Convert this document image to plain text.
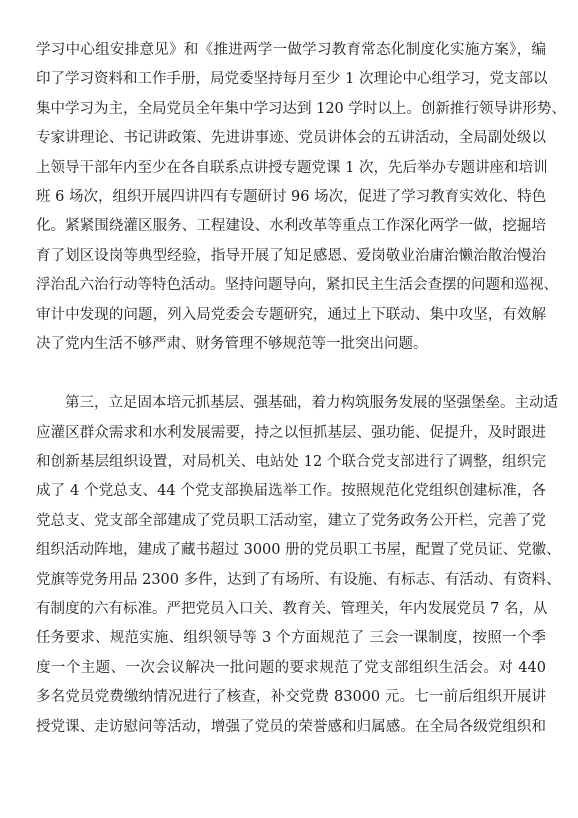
学习中心组安排意见》和《推进两学一做学习教育常态化制度化实施方案》，编
印了学习资料和工作手册，局党委坚持每月至少 1 次理论中心组学习，党支部以
集中学习为主，全局党员全年集中学习达到 120 学时以上。创新推行领导讲形势、
专家讲理论、书记讲政策、先进讲事迹、党员讲体会的五讲活动，全局副处级以
上领导干部年内至少在各自联系点讲授专题党课 1 次，先后举办专题讲座和培训
班 6 场次，组织开展四讲四有专题研讨 96 场次，促进了学习教育实效化、特色
化。紧紧围绕灌区服务、工程建设、水利改革等重点工作深化两学一做，挖掘培
育了划区设岗等典型经验，指导开展了知足感恩、爱岗敬业治庸治懒治散治慢治
浮治乱六治行动等特色活动。坚持问题导向，紧扣民主生活会查摆的问题和巡视、
审计中发现的问题，列入局党委会专题研究，通过上下联动、集中攻坚，有效解
决了党内生活不够严肃、财务管理不够规范等一批突出问题。
第三，立足固本培元抓基层、强基础，着力构筑服务发展的坚强堡垒。主动适
应灌区群众需求和水利发展需要，持之以恒抓基层、强功能、促提升，及时跟进
和创新基层组织设置，对局机关、电站处 12 个联合党支部进行了调整，组织完
成了 4 个党总支、44 个党支部换届选举工作。按照规范化党组织创建标准，各
党总支、党支部全部建成了党员职工活动室，建立了党务政务公开栏，完善了党
组织活动阵地，建成了藏书超过 3000 册的党员职工书屋，配置了党员证、党徽、
党旗等党务用品 2300 多件，达到了有场所、有设施、有标志、有活动、有资料、
有制度的六有标准。严把党员入口关、教育关、管理关，年内发展党员 7 名，从
任务要求、规范实施、组织领导等 3 个方面规范了 三会一课制度，按照一个季
度一个主题、一次会议解决一批问题的要求规范了党支部组织生活会。对 440
多名党员党费缴纳情况进行了核查，补交党费 83000 元。七一前后组织开展讲
授党课、走访慰问等活动，增强了党员的荣誉感和归属感。在全局各级党组织和
